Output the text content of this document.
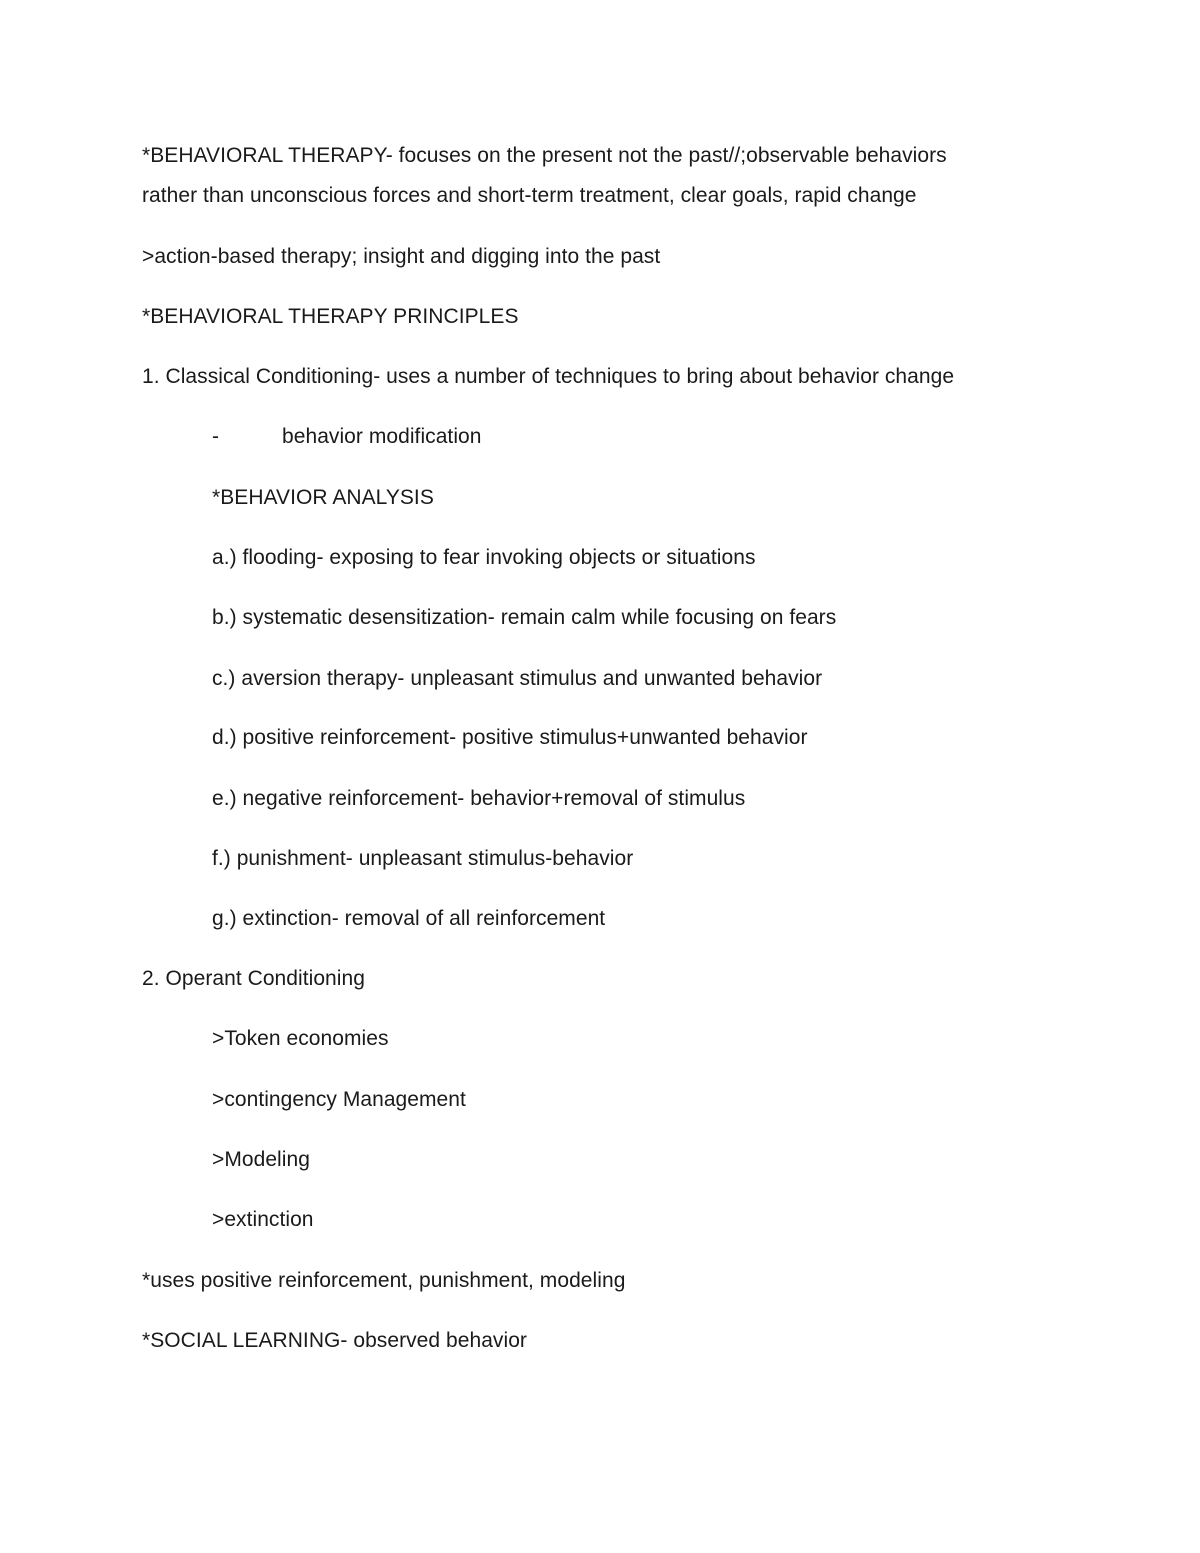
*BEHAVIORAL THERAPY- focuses on the present not the past//;observable behaviors
rather than unconscious forces and short-term treatment, clear goals, rapid change
>action-based therapy; insight and digging into the past
*BEHAVIORAL THERAPY PRINCIPLES
1. Classical Conditioning- uses a number of techniques to bring about behavior change
-	behavior modification
*BEHAVIOR ANALYSIS
a.) flooding- exposing to fear invoking objects or situations
b.) systematic desensitization- remain calm while focusing on fears
c.) aversion therapy- unpleasant stimulus and unwanted behavior
d.) positive reinforcement- positive stimulus+unwanted behavior
e.) negative reinforcement- behavior+removal of stimulus
f.) punishment- unpleasant stimulus-behavior
g.) extinction- removal of all reinforcement
2. Operant Conditioning
>Token economies
>contingency Management
>Modeling
>extinction
*uses positive reinforcement, punishment, modeling
*SOCIAL LEARNING- observed behavior
